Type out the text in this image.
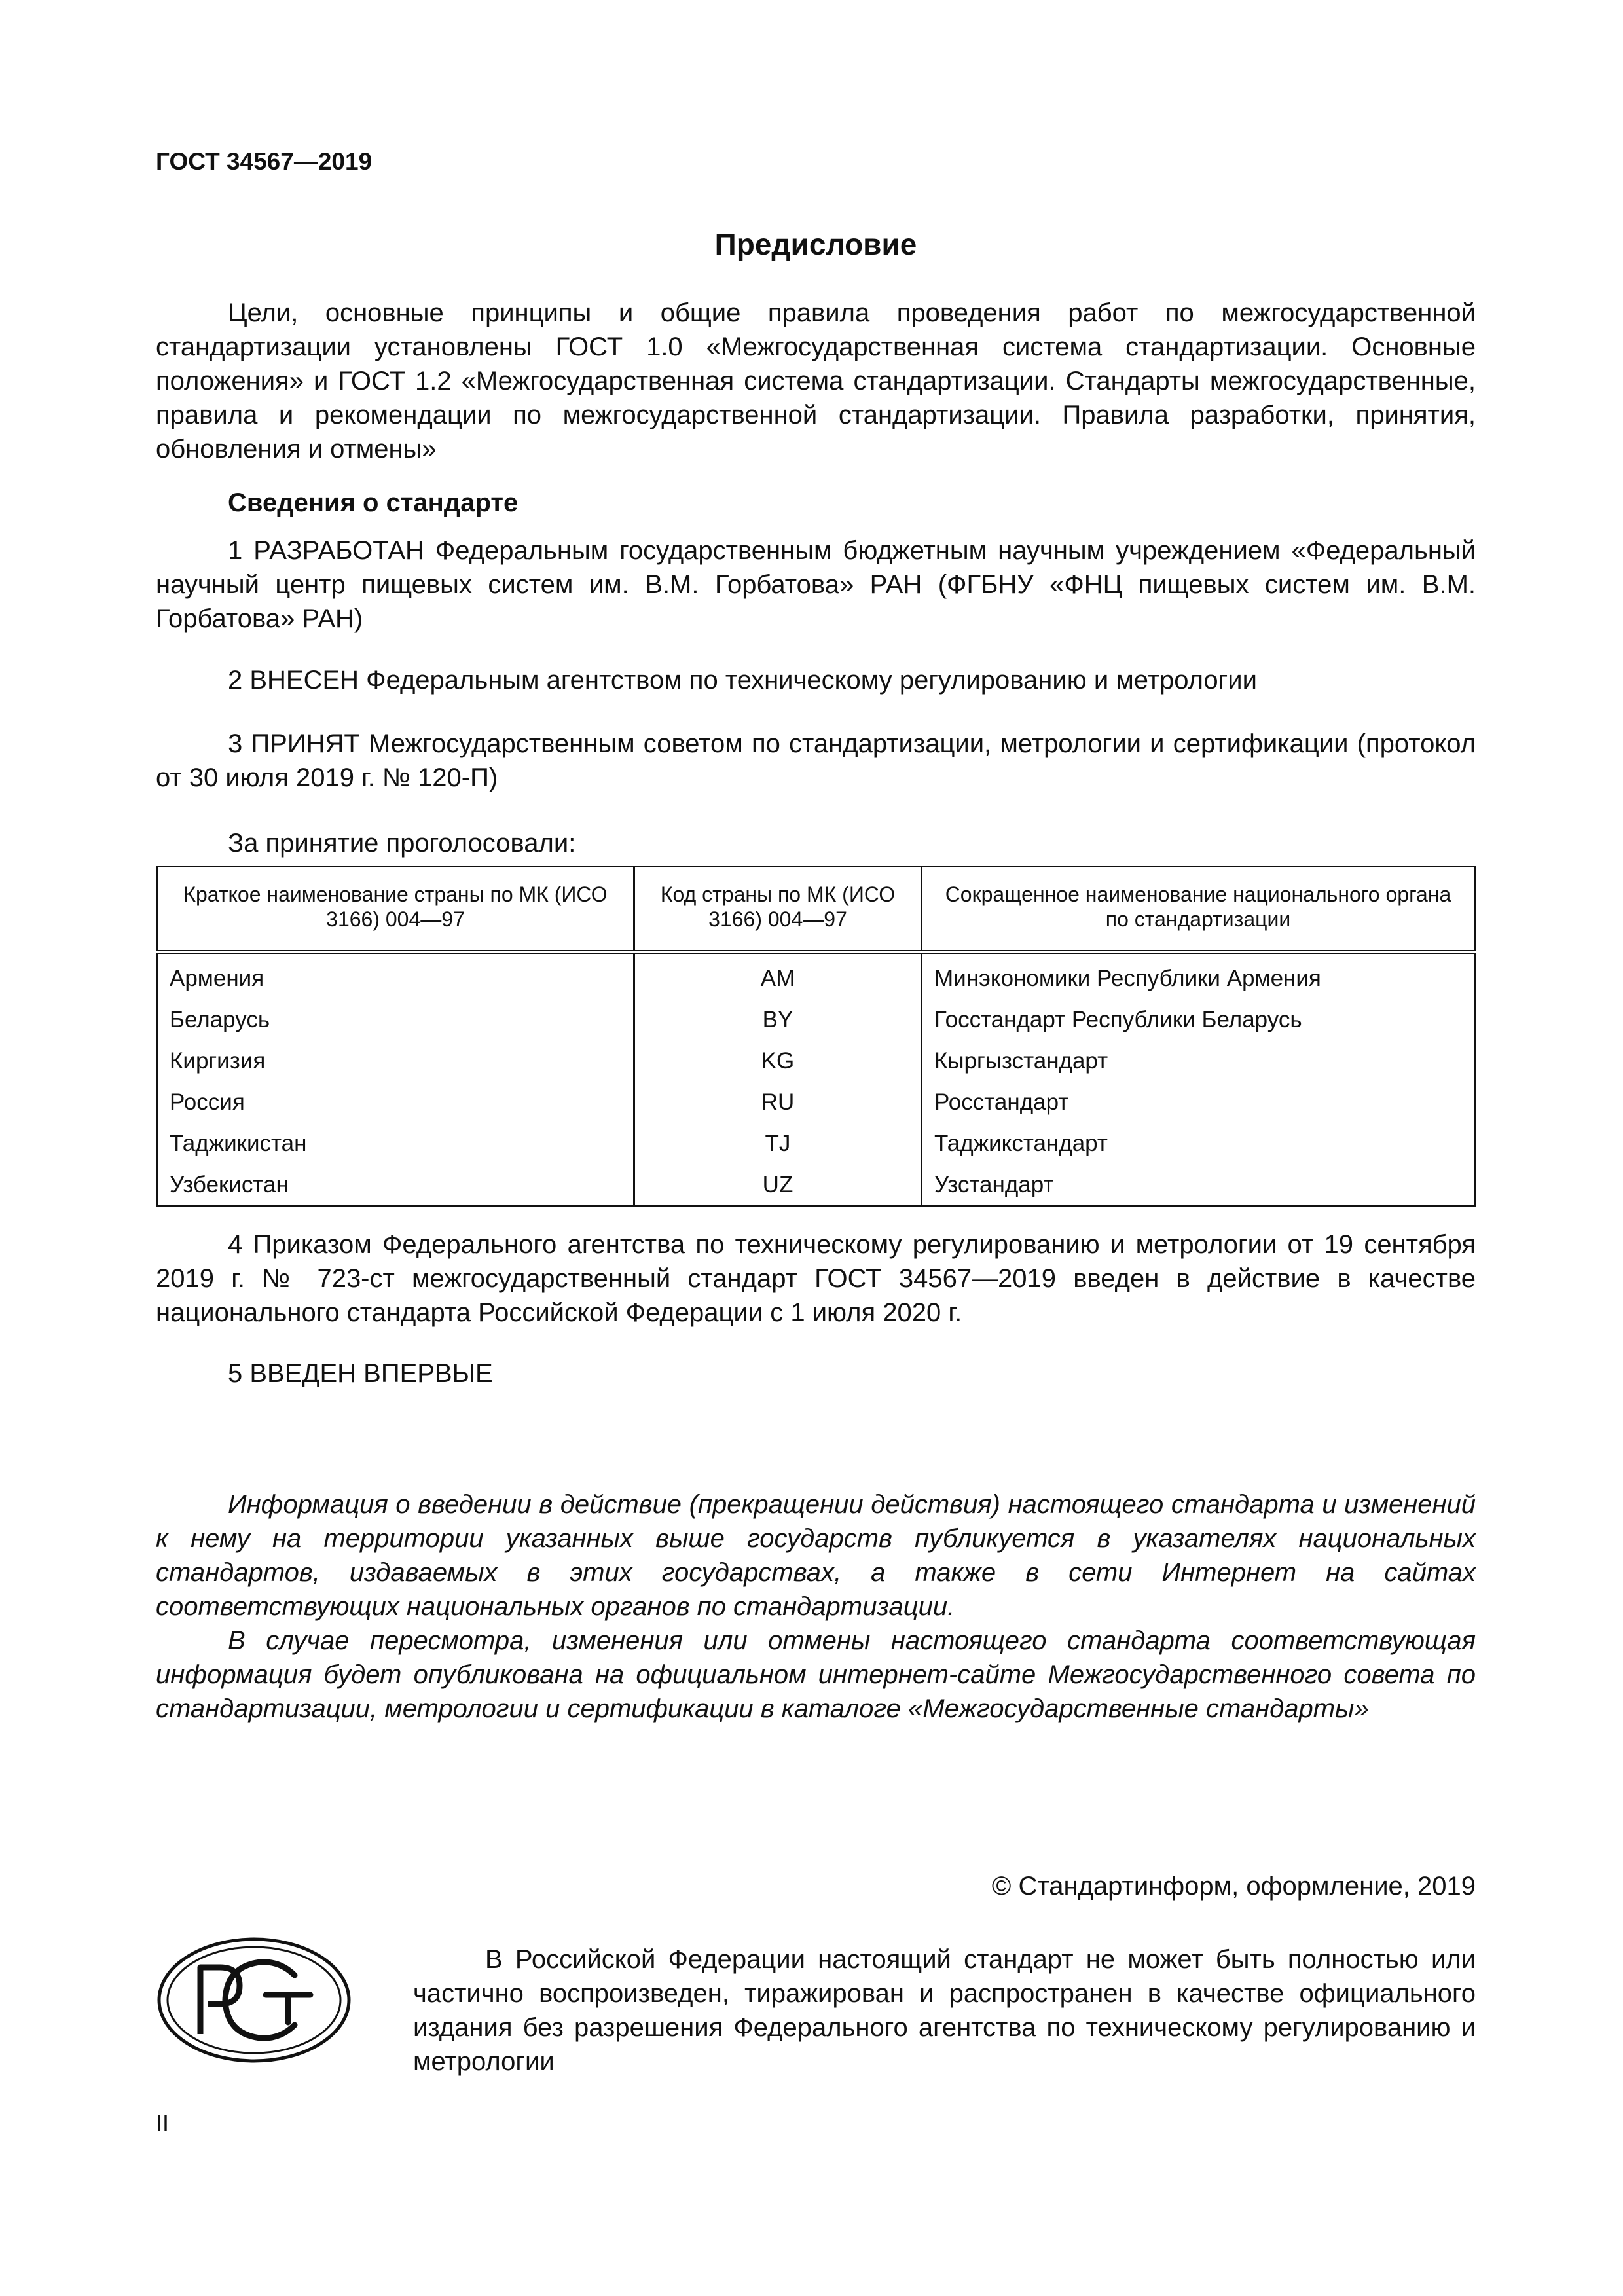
ГОСТ 34567—2019
Предисловие
Цели, основные принципы и общие правила проведения работ по межгосударственной стандартизации установлены ГОСТ 1.0 «Межгосударственная система стандартизации. Основные положения» и ГОСТ 1.2 «Межгосударственная система стандартизации. Стандарты межгосударственные, правила и рекомендации по межгосударственной стандартизации. Правила разработки, принятия, обновления и отмены»
Сведения о стандарте
1 РАЗРАБОТАН Федеральным государственным бюджетным научным учреждением «Федеральный научный центр пищевых систем им. В.М. Горбатова» РАН (ФГБНУ «ФНЦ пищевых систем им. В.М. Горбатова» РАН)
2 ВНЕСЕН Федеральным агентством по техническому регулированию и метрологии
3 ПРИНЯТ Межгосударственным советом по стандартизации, метрологии и сертификации (протокол от 30 июля 2019 г. № 120-П)
За принятие проголосовали:
Краткое наименование страны по МК (ИСО 3166) 004—97	Код страны по МК (ИСО 3166) 004—97	Сокращенное наименование национального органа по стандартизации
Армения	AM	Минэкономики Республики Армения
Беларусь	BY	Госстандарт Республики Беларусь
Киргизия	KG	Кыргызстандарт
Россия	RU	Росстандарт
Таджикистан	TJ	Таджикстандарт
Узбекистан	UZ	Узстандарт
4 Приказом Федерального агентства по техническому регулированию и метрологии от 19 сентября 2019 г. № 723-ст межгосударственный стандарт ГОСТ 34567—2019 введен в действие в качестве национального стандарта Российской Федерации с 1 июля 2020 г.
5 ВВЕДЕН ВПЕРВЫЕ
Информация о введении в действие (прекращении действия) настоящего стандарта и изменений к нему на территории указанных выше государств публикуется в указателях национальных стандартов, издаваемых в этих государствах, а также в сети Интернет на сайтах соответствующих национальных органов по стандартизации.
В случае пересмотра, изменения или отмены настоящего стандарта соответствующая информация будет опубликована на официальном интернет-сайте Межгосударственного совета по стандартизации, метрологии и сертификации в каталоге «Межгосударственные стандарты»
© Стандартинформ, оформление, 2019
В Российской Федерации настоящий стандарт не может быть полностью или частично воспроизведен, тиражирован и распространен в качестве официального издания без разрешения Федерального агентства по техническому регулированию и метрологии
II
